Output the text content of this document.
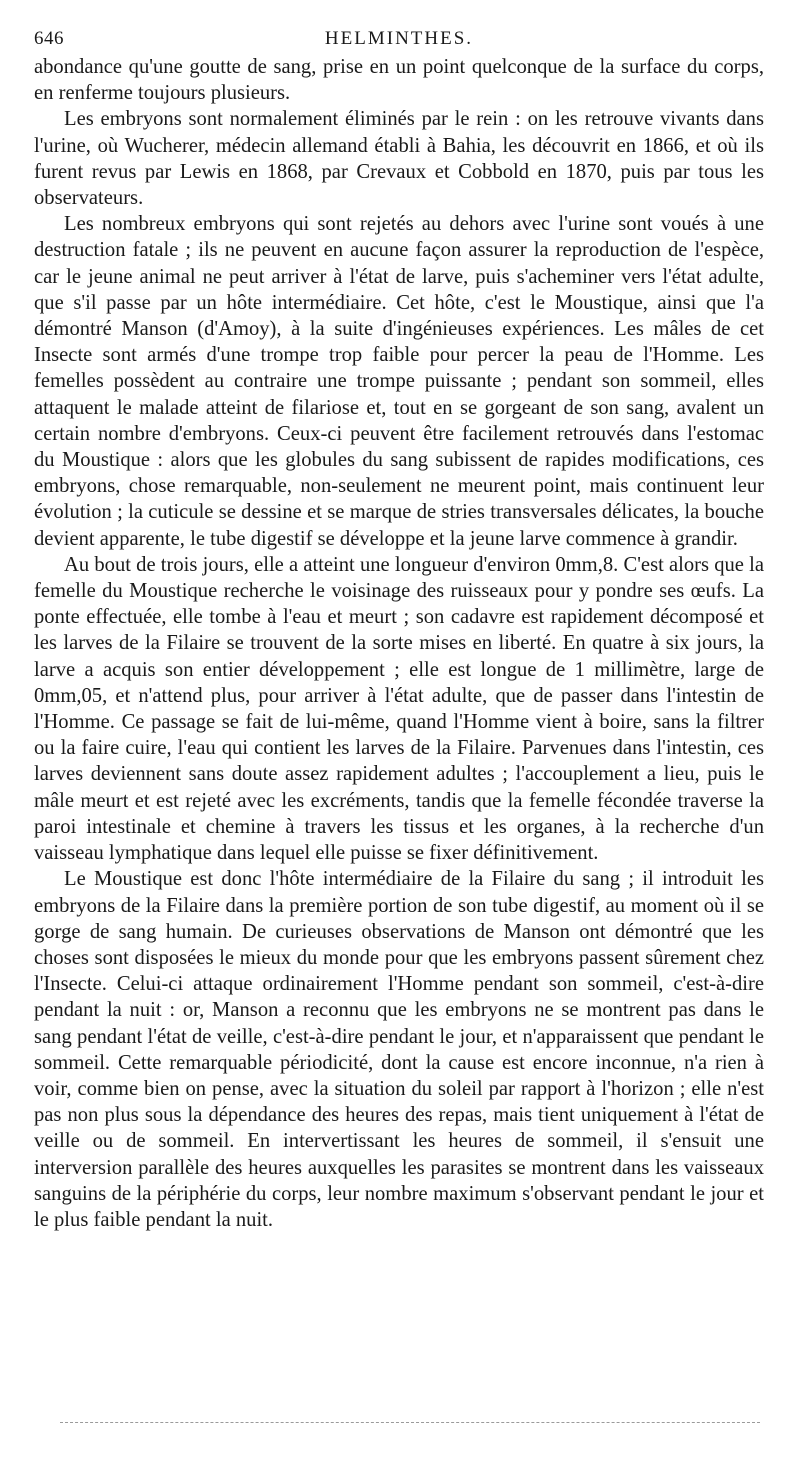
646	HELMINTHES.

abondance qu'une goutte de sang, prise en un point quelconque de la surface du corps, en renferme toujours plusieurs.

Les embryons sont normalement éliminés par le rein : on les retrouve vivants dans l'urine, où Wucherer, médecin allemand établi à Bahia, les découvrit en 1866, et où ils furent revus par Lewis en 1868, par Crevaux et Cobbold en 1870, puis par tous les observateurs.

Les nombreux embryons qui sont rejetés au dehors avec l'urine sont voués à une destruction fatale ; ils ne peuvent en aucune façon assurer la reproduction de l'espèce, car le jeune animal ne peut arriver à l'état de larve, puis s'acheminer vers l'état adulte, que s'il passe par un hôte intermédiaire. Cet hôte, c'est le Moustique, ainsi que l'a démontré Manson (d'Amoy), à la suite d'ingénieuses expériences. Les mâles de cet Insecte sont armés d'une trompe trop faible pour percer la peau de l'Homme. Les femelles possèdent au contraire une trompe puissante ; pendant son sommeil, elles attaquent le malade atteint de filariose et, tout en se gorgeant de son sang, avalent un certain nombre d'embryons. Ceux-ci peuvent être facilement retrouvés dans l'estomac du Moustique : alors que les globules du sang subissent de rapides modifications, ces embryons, chose remarquable, non-seulement ne meurent point, mais continuent leur évolution ; la cuticule se dessine et se marque de stries transversales délicates, la bouche devient apparente, le tube digestif se développe et la jeune larve commence à grandir.

Au bout de trois jours, elle a atteint une longueur d'environ 0mm,8. C'est alors que la femelle du Moustique recherche le voisinage des ruisseaux pour y pondre ses œufs. La ponte effectuée, elle tombe à l'eau et meurt ; son cadavre est rapidement décomposé et les larves de la Filaire se trouvent de la sorte mises en liberté. En quatre à six jours, la larve a acquis son entier développement ; elle est longue de 1 millimètre, large de 0mm,05, et n'attend plus, pour arriver à l'état adulte, que de passer dans l'intestin de l'Homme. Ce passage se fait de lui-même, quand l'Homme vient à boire, sans la filtrer ou la faire cuire, l'eau qui contient les larves de la Filaire. Parvenues dans l'intestin, ces larves deviennent sans doute assez rapidement adultes ; l'accouplement a lieu, puis le mâle meurt et est rejeté avec les excréments, tandis que la femelle fécondée traverse la paroi intestinale et chemine à travers les tissus et les organes, à la recherche d'un vaisseau lymphatique dans lequel elle puisse se fixer définitivement.

Le Moustique est donc l'hôte intermédiaire de la Filaire du sang ; il introduit les embryons de la Filaire dans la première portion de son tube digestif, au moment où il se gorge de sang humain. De curieuses observations de Manson ont démontré que les choses sont disposées le mieux du monde pour que les embryons passent sûrement chez l'Insecte. Celui-ci attaque ordinairement l'Homme pendant son sommeil, c'est-à-dire pendant la nuit : or, Manson a reconnu que les embryons ne se montrent pas dans le sang pendant l'état de veille, c'est-à-dire pendant le jour, et n'apparaissent que pendant le sommeil. Cette remarquable périodicité, dont la cause est encore inconnue, n'a rien à voir, comme bien on pense, avec la situation du soleil par rapport à l'horizon ; elle n'est pas non plus sous la dépendance des heures des repas, mais tient uniquement à l'état de veille ou de sommeil. En intervertissant les heures de sommeil, il s'ensuit une interversion parallèle des heures auxquelles les parasites se montrent dans les vaisseaux sanguins de la périphérie du corps, leur nombre maximum s'observant pendant le jour et le plus faible pendant la nuit.
